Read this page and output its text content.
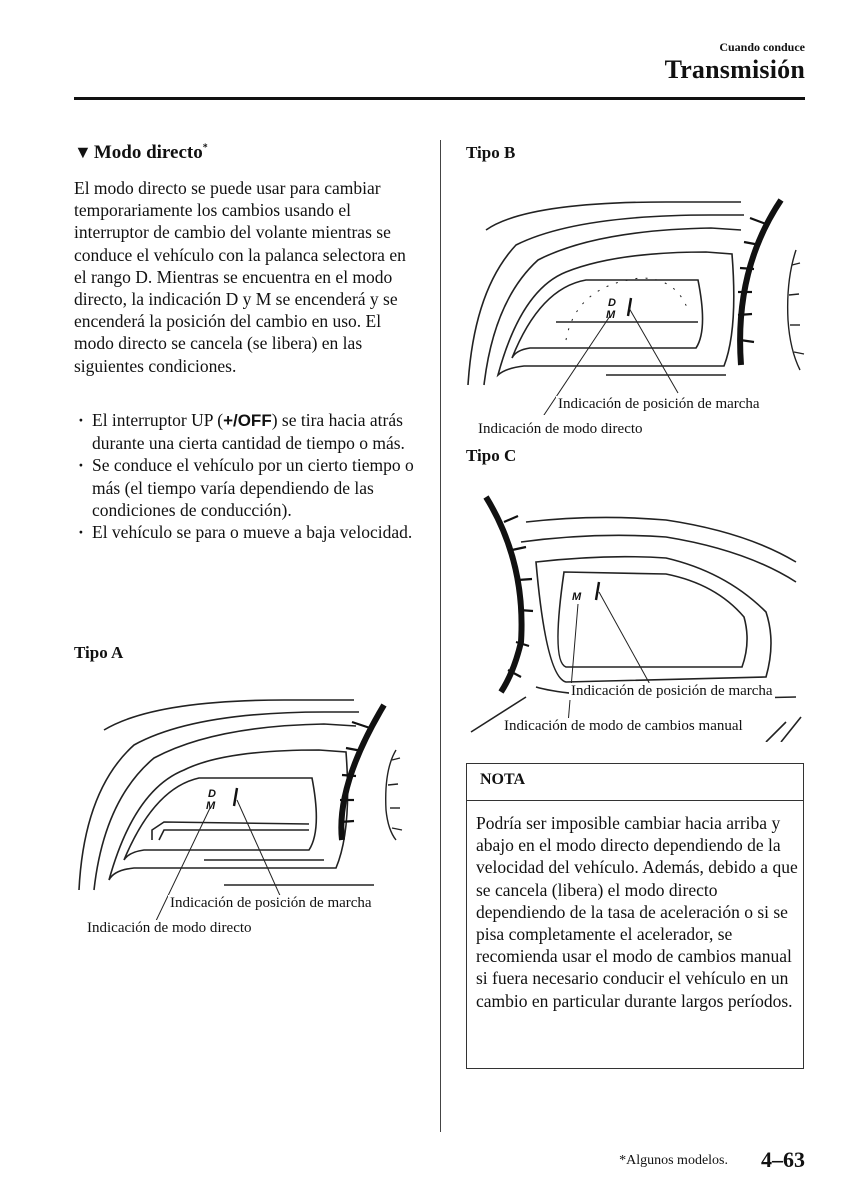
Cuando conduce
Transmisión
▼ Modo directo*
El modo directo se puede usar para cambiar temporariamente los cambios usando el interruptor de cambio del volante mientras se conduce el vehículo con la palanca selectora en el rango D. Mientras se encuentra en el modo directo, la indicación D y M se encenderá y se encenderá la posición del cambio en uso. El modo directo se cancela (se libera) en las siguientes condiciones.
· El interruptor UP (+/OFF) se tira hacia atrás durante una cierta cantidad de tiempo o más.
· Se conduce el vehículo por un cierto tiempo o más (el tiempo varía dependiendo de las condiciones de conducción).
· El vehículo se para o mueve a baja velocidad.
Tipo A
D
M
Indicación de posición de marcha
Indicación de modo directo
Tipo B
D
M
Indicación de posición de marcha
Indicación de modo directo
Tipo C
M
Indicación de posición de marcha
Indicación de modo de cambios manual
NOTA
Podría ser imposible cambiar hacia arriba y abajo en el modo directo dependiendo de la velocidad del vehículo. Además, debido a que se cancela (libera) el modo directo dependiendo de la tasa de aceleración o si se pisa completamente el acelerador, se recomienda usar el modo de cambios manual si fuera necesario conducir el vehículo en un cambio en particular durante largos períodos.
*Algunos modelos. 4–63
